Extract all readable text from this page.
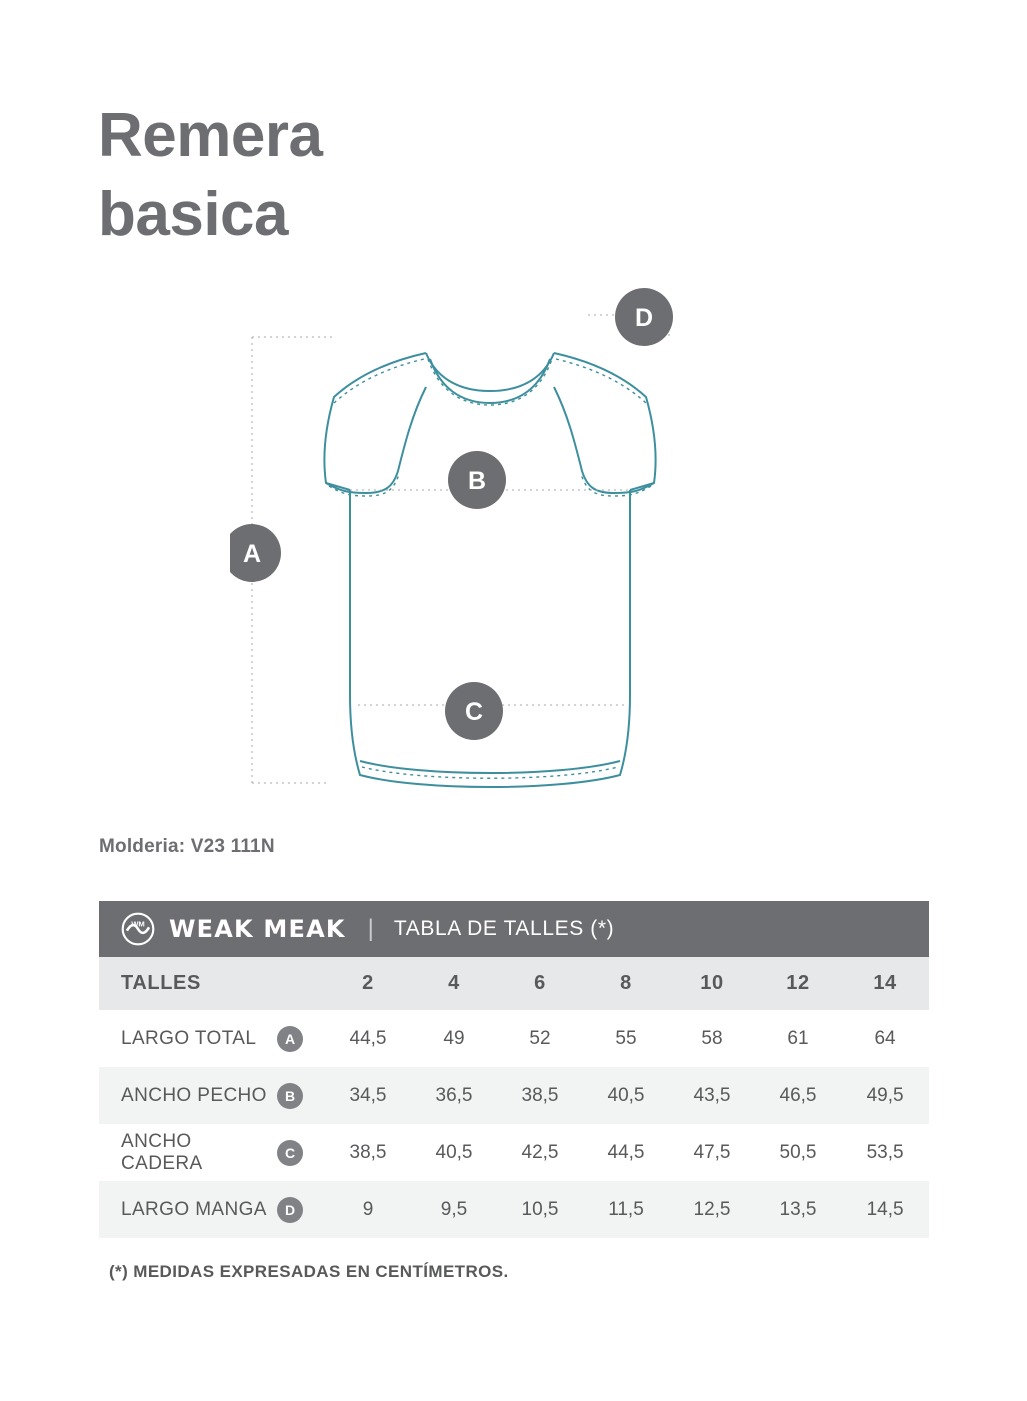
Remera
basica
A
B
C
D
Molderia: V23 111N
WM WEAK MEAK | TABLA DE TALLES (*)								

TALLES		2	4	6	8	10	12	14
LARGO TOTAL	A	44,5	49	52	55	58	61	64
ANCHO PECHO	B	34,5	36,5	38,5	40,5	43,5	46,5	49,5
ANCHO CADERA	C	38,5	40,5	42,5	44,5	47,5	50,5	53,5
LARGO MANGA	D	9	9,5	10,5	11,5	12,5	13,5	14,5
(*) MEDIDAS EXPRESADAS EN CENTÍMETROS.
